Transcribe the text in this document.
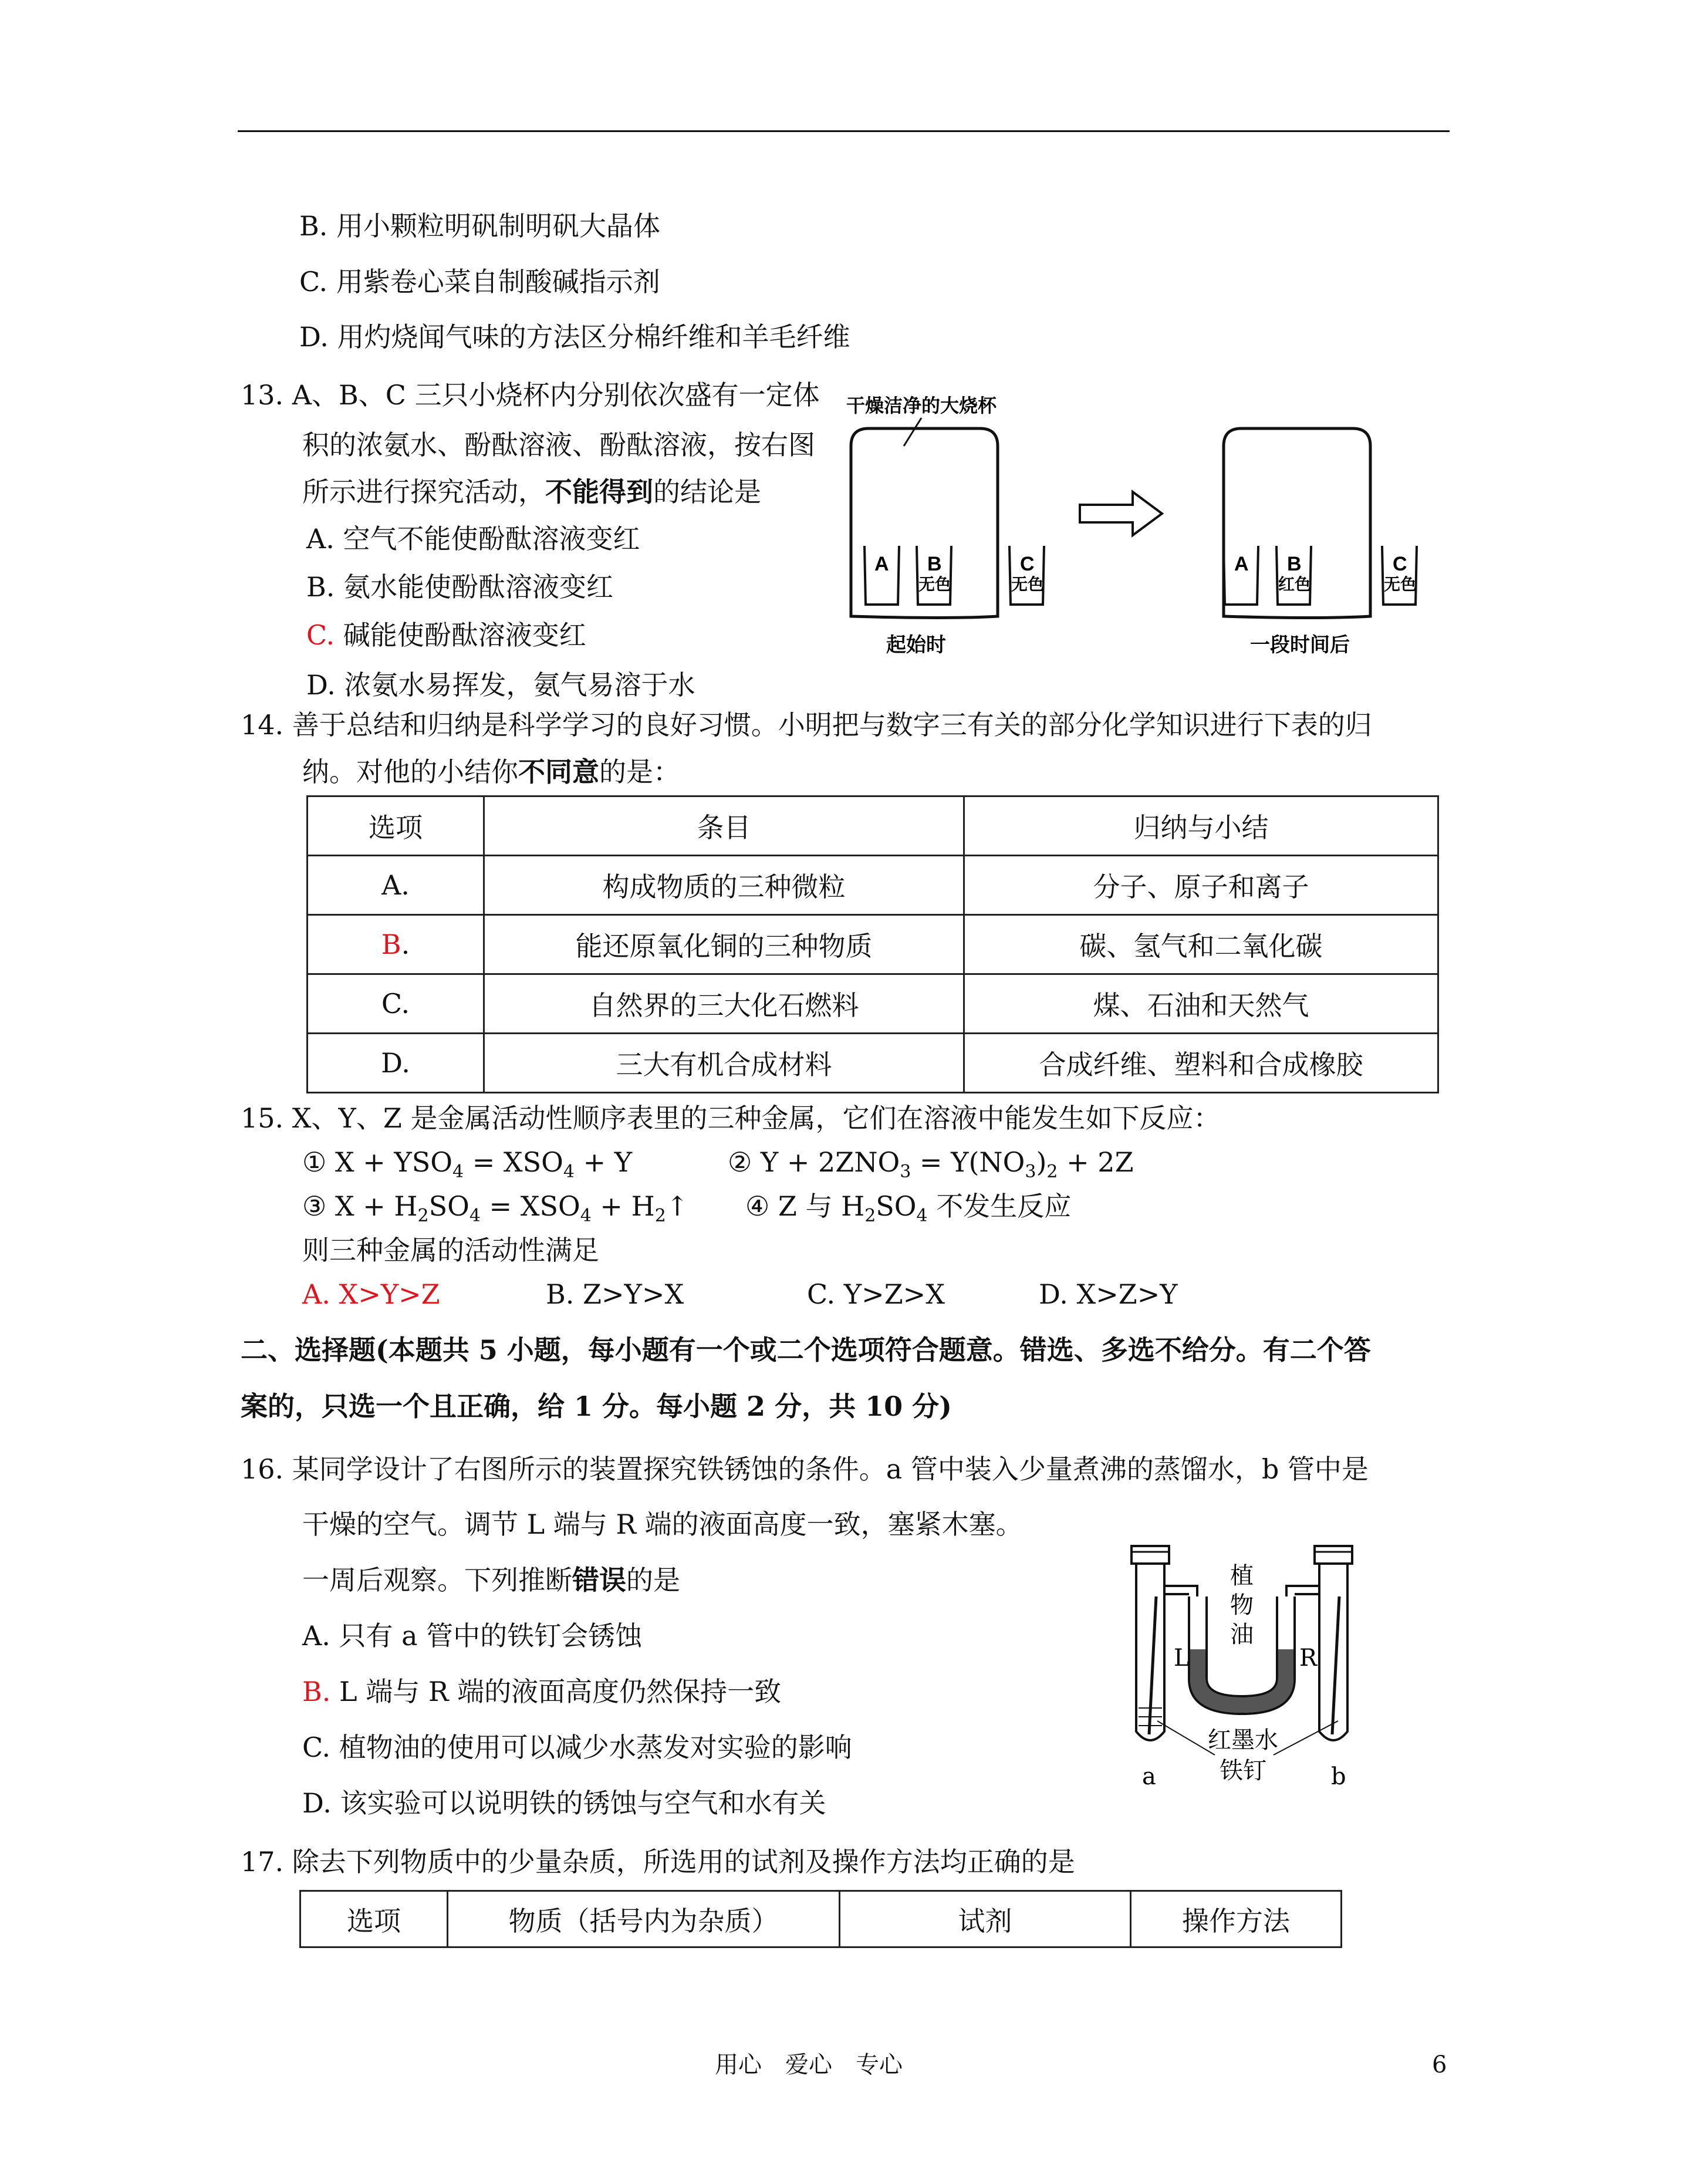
B. 用小颗粒明矾制明矾大晶体
C. 用紫卷心菜自制酸碱指示剂
D. 用灼烧闻气味的方法区分棉纤维和羊毛纤维
13. A、B、C 三只小烧杯内分别依次盛有一定体
积的浓氨水、酚酞溶液、酚酞溶液，按右图
所示进行探究活动，不能得到的结论是
A. 空气不能使酚酞溶液变红
B. 氨水能使酚酞溶液变红
C. 碱能使酚酞溶液变红
D. 浓氨水易挥发，氨气易溶于水
干燥洁净的大烧杯
A B
无色
C
无色
A B
红色
C
无色
起始时	一段时间后
14. 善于总结和归纳是科学学习的良好习惯。小明把与数字三有关的部分化学知识进行下表的归
纳。对他的小结你不同意的是：
选项	条目	归纳与小结
A.	构成物质的三种微粒	分子、原子和离子
B.	能还原氧化铜的三种物质	碳、氢气和二氧化碳
C.	自然界的三大化石燃料	煤、石油和天然气
D.	三大有机合成材料	合成纤维、塑料和合成橡胶
15. X、Y、Z 是金属活动性顺序表里的三种金属，它们在溶液中能发生如下反应：
① $X + YSO_4 = XSO_4 + Y$	② $Y + 2ZNO_3 = Y(NO_3)_2 + 2Z$
③ $X + H_2SO_4 = XSO_4$ + $H_2↑$ ④ Z 与 $H_2SO_4$ 不发生反应
则三种金属的活动性满足
A. X>Y>Z	B. Z>Y>X	C. Y>Z>X	D. X>Z>Y
二、选择题(本题共 5 小题，每小题有一个或二个选项符合题意。错选、多选不给分。有二个答
案的，只选一个且正确，给 1 分。每小题 2 分，共 10 分)
16. 某同学设计了右图所示的装置探究铁锈蚀的条件。a 管中装入少量煮沸的蒸馏水，b 管中是
干燥的空气。调节 L 端与 R 端的液面高度一致，塞紧木塞。
一周后观察。下列推断错误的是
A. 只有 a 管中的铁钉会锈蚀
B. L 端与 R 端的液面高度仍然保持一致
C. 植物油的使用可以减少水蒸发对实验的影响
D. 该实验可以说明铁的锈蚀与空气和水有关
植
物
油
L	R
红墨水
铁钉
a	b
17. 除去下列物质中的少量杂质，所选用的试剂及操作方法均正确的是
选项	物质（括号内为杂质）	试剂	操作方法
用心　爱心　专心	6
